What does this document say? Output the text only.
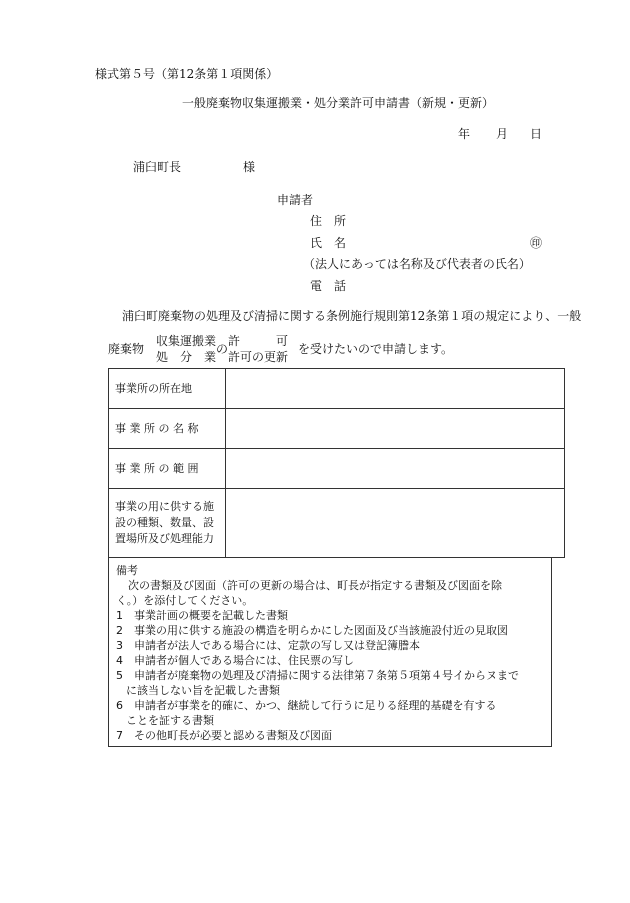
様式第５号（第12条第１項関係）
一般廃棄物収集運搬業・処分業許可申請書（新規・更新）
年 月 日
浦臼町長	様
申請者
住　所
氏　名	㊞
（法人にあっては名称及び代表者の氏名）
電　話
浦臼町廃棄物の処理及び清掃に関する条例施行規則第12条第１項の規定により、一般
廃棄物
収集運搬業
処　分　業
の
許　　　可
許可の更新
を受けたいので申請します。
事業所の所在地	
事 業 所 の 名 称	
事 業 所 の 範 囲	
事業の用に供する施設の種類、数量、設置場所及び処理能力	
備考
次の書類及び図面（許可の更新の場合は、町長が指定する書類及び図面を除
く。）を添付してください。
1　事業計画の概要を記載した書類
2　事業の用に供する施設の構造を明らかにした図面及び当該施設付近の見取図
3　申請者が法人である場合には、定款の写し又は登記簿謄本
4　申請者が個人である場合には、住民票の写し
5　申請者が廃棄物の処理及び清掃に関する法律第７条第５項第４号イからヌまで
に該当しない旨を記載した書類
6　申請者が事業を的確に、かつ、継続して行うに足りる経理的基礎を有する
ことを証する書類
7　その他町長が必要と認める書類及び図面
